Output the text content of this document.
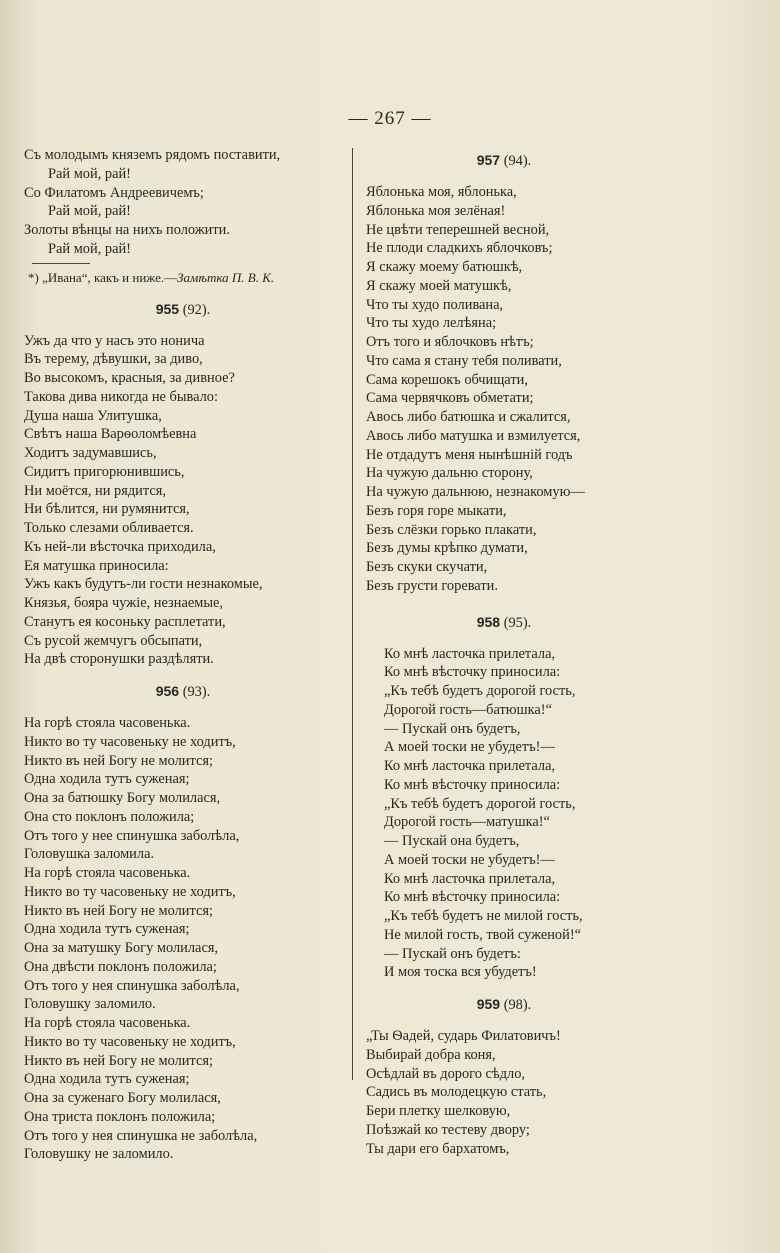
— 267 —
Съ молодымъ княземъ рядомъ поставити,
Рай мой, рай!
Со Филатомъ Андреевичемъ;
Рай мой, рай!
Золоты вѣнцы на нихъ положити.
Рай мой, рай!
*) „Ивана“, какъ и ниже.—Замѣтка П. В. К.
955 (92).
Ужъ да что у насъ это нонича
Въ терему, дѣвушки, за диво,
Во высокомъ, красныя, за дивное?
Такова дива никогда не бывало:
Душа наша Улитушка,
Свѣтъ наша Варѳоломѣевна
Ходитъ задумавшись,
Сидитъ пригорюнившись,
Ни моётся, ни рядится,
Ни бѣлится, ни румянится,
Только слезами обливается.
Къ ней-ли вѣсточка приходила,
Ея матушка приносила:
Ужъ какъ будутъ-ли гости незнакомые,
Князья, бояра чужіе, незнаемые,
Станутъ ея косоньку расплетати,
Съ русой жемчугъ обсыпати,
На двѣ сторонушки раздѣляти.
956 (93).
На горѣ стояла часовенька.
Никто во ту часовеньку не ходитъ,
Никто въ ней Богу не молится;
Одна ходила тутъ суженая;
Она за батюшку Богу молилася,
Она сто поклонъ положила;
Отъ того у нее спинушка заболѣла,
Головушка заломила.
На горѣ стояла часовенька.
Никто во ту часовеньку не ходитъ,
Никто въ ней Богу не молится;
Одна ходила тутъ суженая;
Она за матушку Богу молилася,
Она двѣсти поклонъ положила;
Отъ того у нея спинушка заболѣла,
Головушку заломило.
На горѣ стояла часовенька.
Никто во ту часовеньку не ходитъ,
Никто въ ней Богу не молится;
Одна ходила тутъ суженая;
Она за суженаго Богу молилася,
Она триста поклонъ положила;
Отъ того у нея спинушка не заболѣла,
Головушку не заломило.
957 (94).
Яблонька моя, яблонька,
Яблонька моя зелёная!
Не цвѣти теперешней весной,
Не плоди сладкихъ яблочковъ;
Я скажу моему батюшкѣ,
Я скажу моей матушкѣ,
Что ты худо поливана,
Что ты худо лелѣяна;
Отъ того и яблочковъ нѣтъ;
Что сама я стану тебя поливати,
Сама корешокъ обчищати,
Сама червячковъ обметати;
Авось либо батюшка и сжалится,
Авось либо матушка и взмилуется,
Не отдадутъ меня нынѣшній годъ
На чужую дальню сторону,
На чужую дальнюю, незнакомую—
Безъ горя горе мыкати,
Безъ слёзки горько плакати,
Безъ думы крѣпко думати,
Безъ скуки скучати,
Безъ грусти горевати.
958 (95).
Ко мнѣ ласточка прилетала,
Ко мнѣ вѣсточку приносила:
„Къ тебѣ будетъ дорогой гость,
Дорогой гость—батюшка!“
— Пускай онъ будетъ,
А моей тоски не убудетъ!—
Ко мнѣ ласточка прилетала,
Ко мнѣ вѣсточку приносила:
„Къ тебѣ будетъ дорогой гость,
Дорогой гость—матушка!“
— Пускай она будетъ,
А моей тоски не убудетъ!—
Ко мнѣ ласточка прилетала,
Ко мнѣ вѣсточку приносила:
„Къ тебѣ будетъ не милой гость,
Не милой гость, твой суженой!“
— Пускай онъ будетъ:
И моя тоска вся убудетъ!
959 (98).
„Ты Ѳадей, сударь Филатовичъ!
Выбирай добра коня,
Осѣдлай въ дорого сѣдло,
Садись въ молодецкую стать,
Бери плетку шелковую,
Поѣзжай ко тестеву двору;
Ты дари его бархатомъ,
